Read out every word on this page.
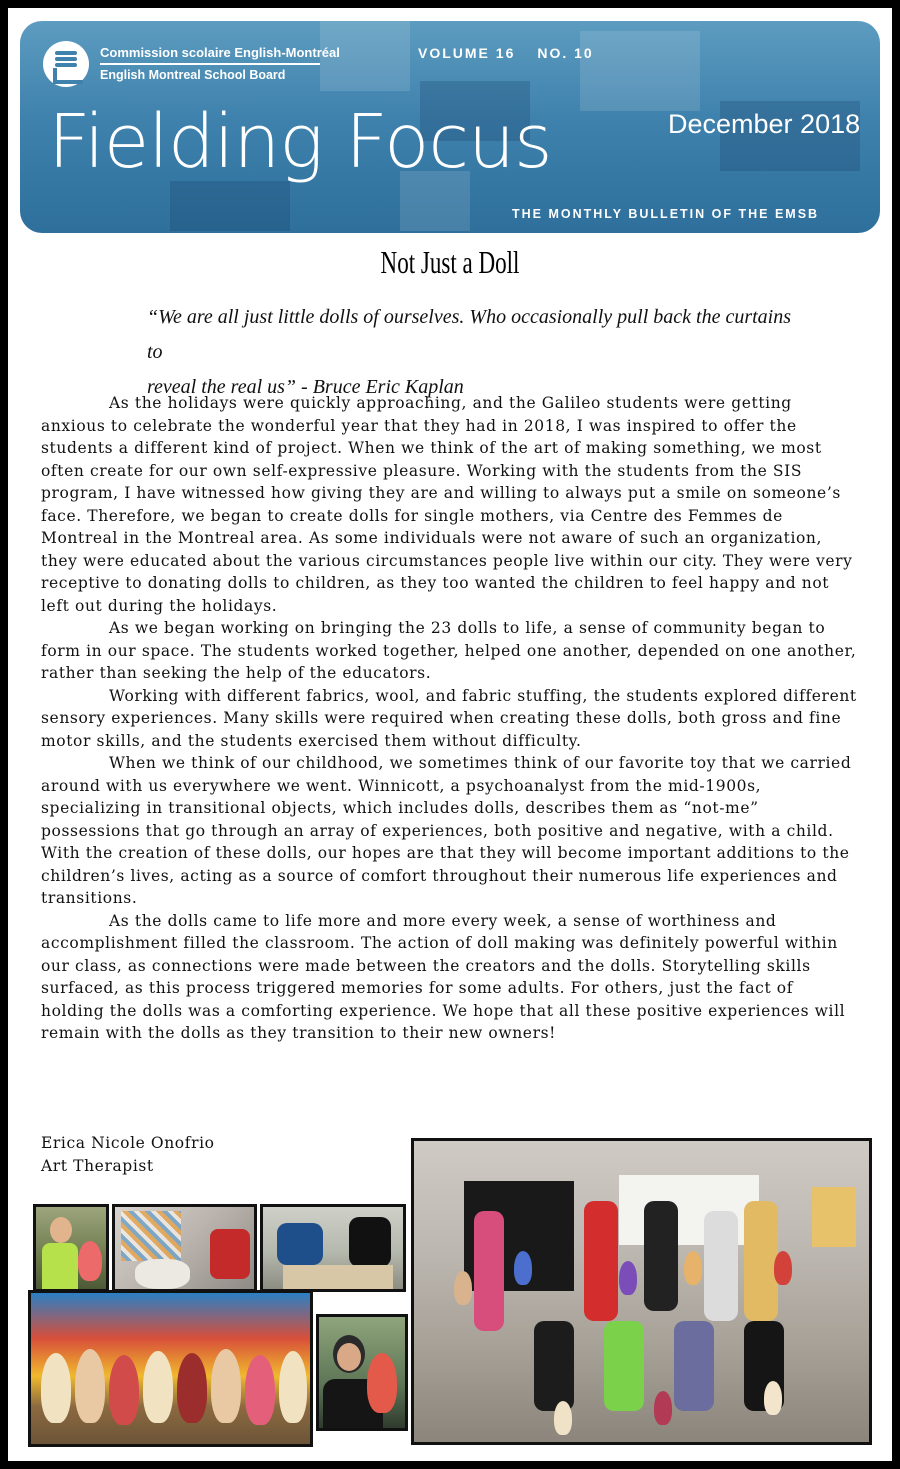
Commission scolaire English-Montréal
English Montreal School Board
VOLUME 16 NO. 10
Fielding Focus	December 2018
THE MONTHLY BULLETIN OF THE EMSB
Not Just a Doll
“We are all just little dolls of ourselves. Who occasionally pull back the curtains to
reveal the real us” - Bruce Eric Kaplan

As the holidays were quickly approaching, and the Galileo students were getting anxious to celebrate the wonderful year that they had in 2018, I was inspired to offer the students a different kind of project. When we think of the art of making something, we most often create for our own self-expressive pleasure. Working with the students from the SIS program, I have witnessed how giving they are and willing to always put a smile on someone’s face. Therefore, we began to create dolls for single mothers, via Centre des Femmes de Montreal in the Montreal area. As some individuals were not aware of such an organization, they were educated about the various circumstances people live within our city. They were very receptive to donating dolls to children, as they too wanted the children to feel happy and not left out during the holidays.

As we began working on bringing the 23 dolls to life, a sense of community began to form in our space. The students worked together, helped one another, depended on one another, rather than seeking the help of the educators.

Working with different fabrics, wool, and fabric stuffing, the students explored different sensory experiences. Many skills were required when creating these dolls, both gross and fine motor skills, and the students exercised them without difficulty.

When we think of our childhood, we sometimes think of our favorite toy that we carried around with us everywhere we went. Winnicott, a psychoanalyst from the mid-1900s, specializing in transitional objects, which includes dolls, describes them as “not-me” possessions that go through an array of experiences, both positive and negative, with a child. With the creation of these dolls, our hopes are that they will become important additions to the children’s lives, acting as a source of comfort throughout their numerous life experiences and transitions.

As the dolls came to life more and more every week, a sense of worthiness and accomplishment filled the classroom. The action of doll making was definitely powerful within our class, as connections were made between the creators and the dolls. Storytelling skills surfaced, as this process triggered memories for some adults. For others, just the fact of holding the dolls was a comforting experience. We hope that all these positive experiences will remain with the dolls as they transition to their new owners!

Erica Nicole Onofrio
Art Therapist
